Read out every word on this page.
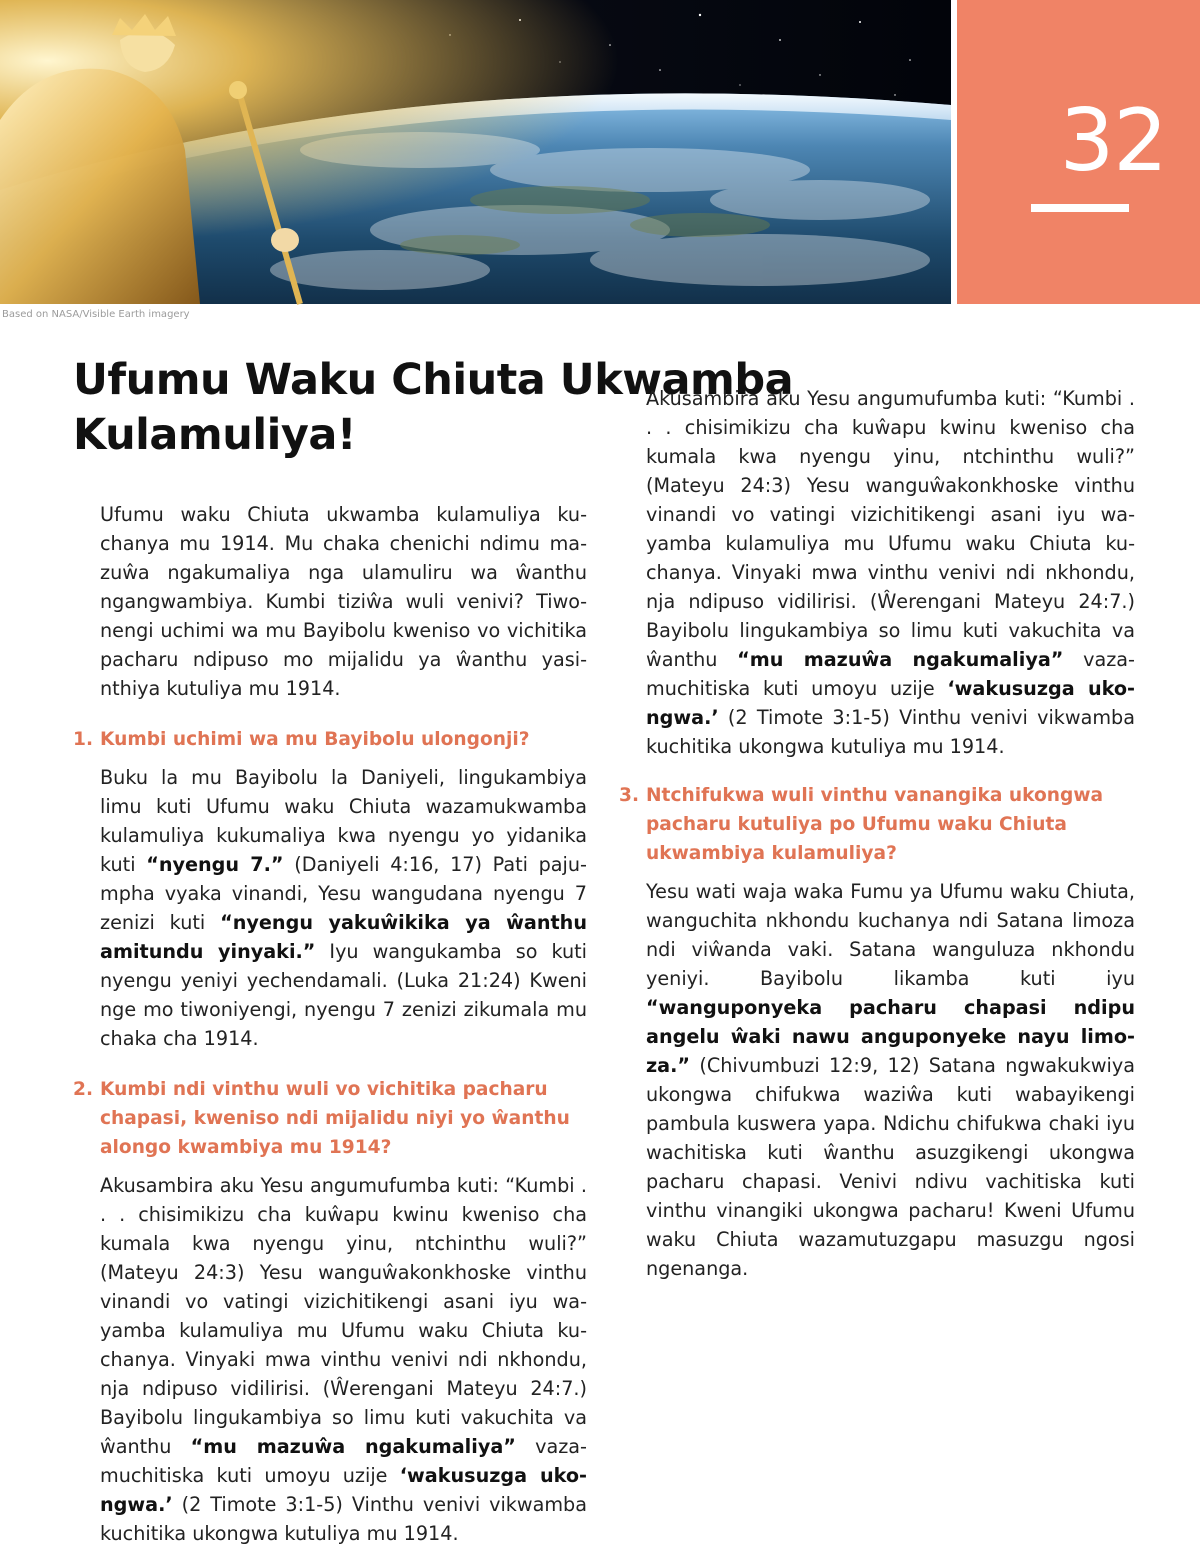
32
Based on NASA/Visible Earth imagery
Ufumu Waku Chiuta Ukwamba Kulamuliya!

Ufumu waku Chiuta ukwamba kulamuliya kuchanya mu 1914. Mu chaka chenichi ndimu mazuŵa ngakumaliya nga ulamuliru wa ŵanthu ngangwambiya. Kumbi tiziŵa wuli venivi? Tiwonengi uchimi wa mu Bayibolu kweniso vo vichitika pacharu ndipuso mo mijalidu ya ŵanthu yasinthiya kutuliya mu 1914.

1. Kumbi uchimi wa mu Bayibolu ulongonji?

Buku la mu Bayibolu la Daniyeli, lingukambiya limu kuti Ufumu waku Chiuta wazamukwamba kulamuliya kukumaliya kwa nyengu yo yidanika kuti “nyengu 7.” (Daniyeli 4:16, 17) Pati pajumpha vyaka vinandi, Yesu wangudana nyengu 7 zenizi kuti “nyengu yakuŵikika ya ŵanthu amitundu yinyaki.” Iyu wangukamba so kuti nyengu yeniyi yechendamali. (Luka 21:24) Kweni nge mo tiwoniyengi, nyengu 7 zenizi zikumala mu chaka cha 1914.

2. Kumbi ndi vinthu wuli vo vichitika pacharu chapasi, kweniso ndi mijalidu niyi yo ŵanthu alongo kwambiya mu 1914?

Akusambira aku Yesu angumufumba kuti: “Kumbi . . . chisimikizu cha kuŵapu kwinu kweniso cha kumala kwa nyengu yinu, ntchinthu wuli?” (Mateyu 24:3) Yesu wanguŵakonkhoske vinthu vinandi vo vatingi vizichitikengi asani iyu wayamba kulamuliya mu Ufumu waku Chiuta kuchanya. Vinyaki mwa vinthu venivi ndi nkhondu, nja ndipuso vidilirisi. (Ŵerengani Mateyu 24:7.) Bayibolu lingukambiya so limu kuti vakuchita va ŵanthu “mu mazuŵa ngakumaliya” vazamuchitiska kuti umoyu uzije ‘wakusuzga ukongwa.’ (2 Timote 3:1-5) Vinthu venivi vikwamba kuchitika ukongwa kutuliya mu 1914.

Akusambira aku Yesu angumufumba kuti: “Kumbi . . . chisimikizu cha kuŵapu kwinu kweniso cha kumala kwa nyengu yinu, ntchinthu wuli?” (Mateyu 24:3) Yesu wanguŵakonkhoske vinthu vinandi vo vatingi vizichitikengi asani iyu wayamba kulamuliya mu Ufumu waku Chiuta kuchanya. Vinyaki mwa vinthu venivi ndi nkhondu, nja ndipuso vidilirisi. (Ŵerengani Mateyu 24:7.) Bayibolu lingukambiya so limu kuti vakuchita va ŵanthu “mu mazuŵa ngakumaliya” vazamuchitiska kuti umoyu uzije ‘wakusuzga ukongwa.’ (2 Timote 3:1-5) Vinthu venivi vikwamba kuchitika ukongwa kutuliya mu 1914.

3. Ntchifukwa wuli vinthu vanangika ukongwa pacharu kutuliya po Ufumu waku Chiuta ukwambiya kulamuliya?

Yesu wati waja waka Fumu ya Ufumu waku Chiuta, wanguchita nkhondu kuchanya ndi Satana limoza ndi viŵanda vaki. Satana wanguluza nkhondu yeniyi. Bayibolu likamba kuti iyu “wanguponyeka pacharu chapasi ndipu angelu ŵaki nawu anguponyeke nayu limoza.” (Chivumbuzi 12:9, 12) Satana ngwakukwiya ukongwa chifukwa waziŵa kuti wabayikengi pambula kuswera yapa. Ndichu chifukwa chaki iyu wachitiska kuti ŵanthu asuzgikengi ukongwa pacharu chapasi. Venivi ndivu vachitiska kuti vinthu vinangiki ukongwa pacharu! Kweni Ufumu waku Chiuta wazamutuzgapu masuzgu ngosi ngenanga.
